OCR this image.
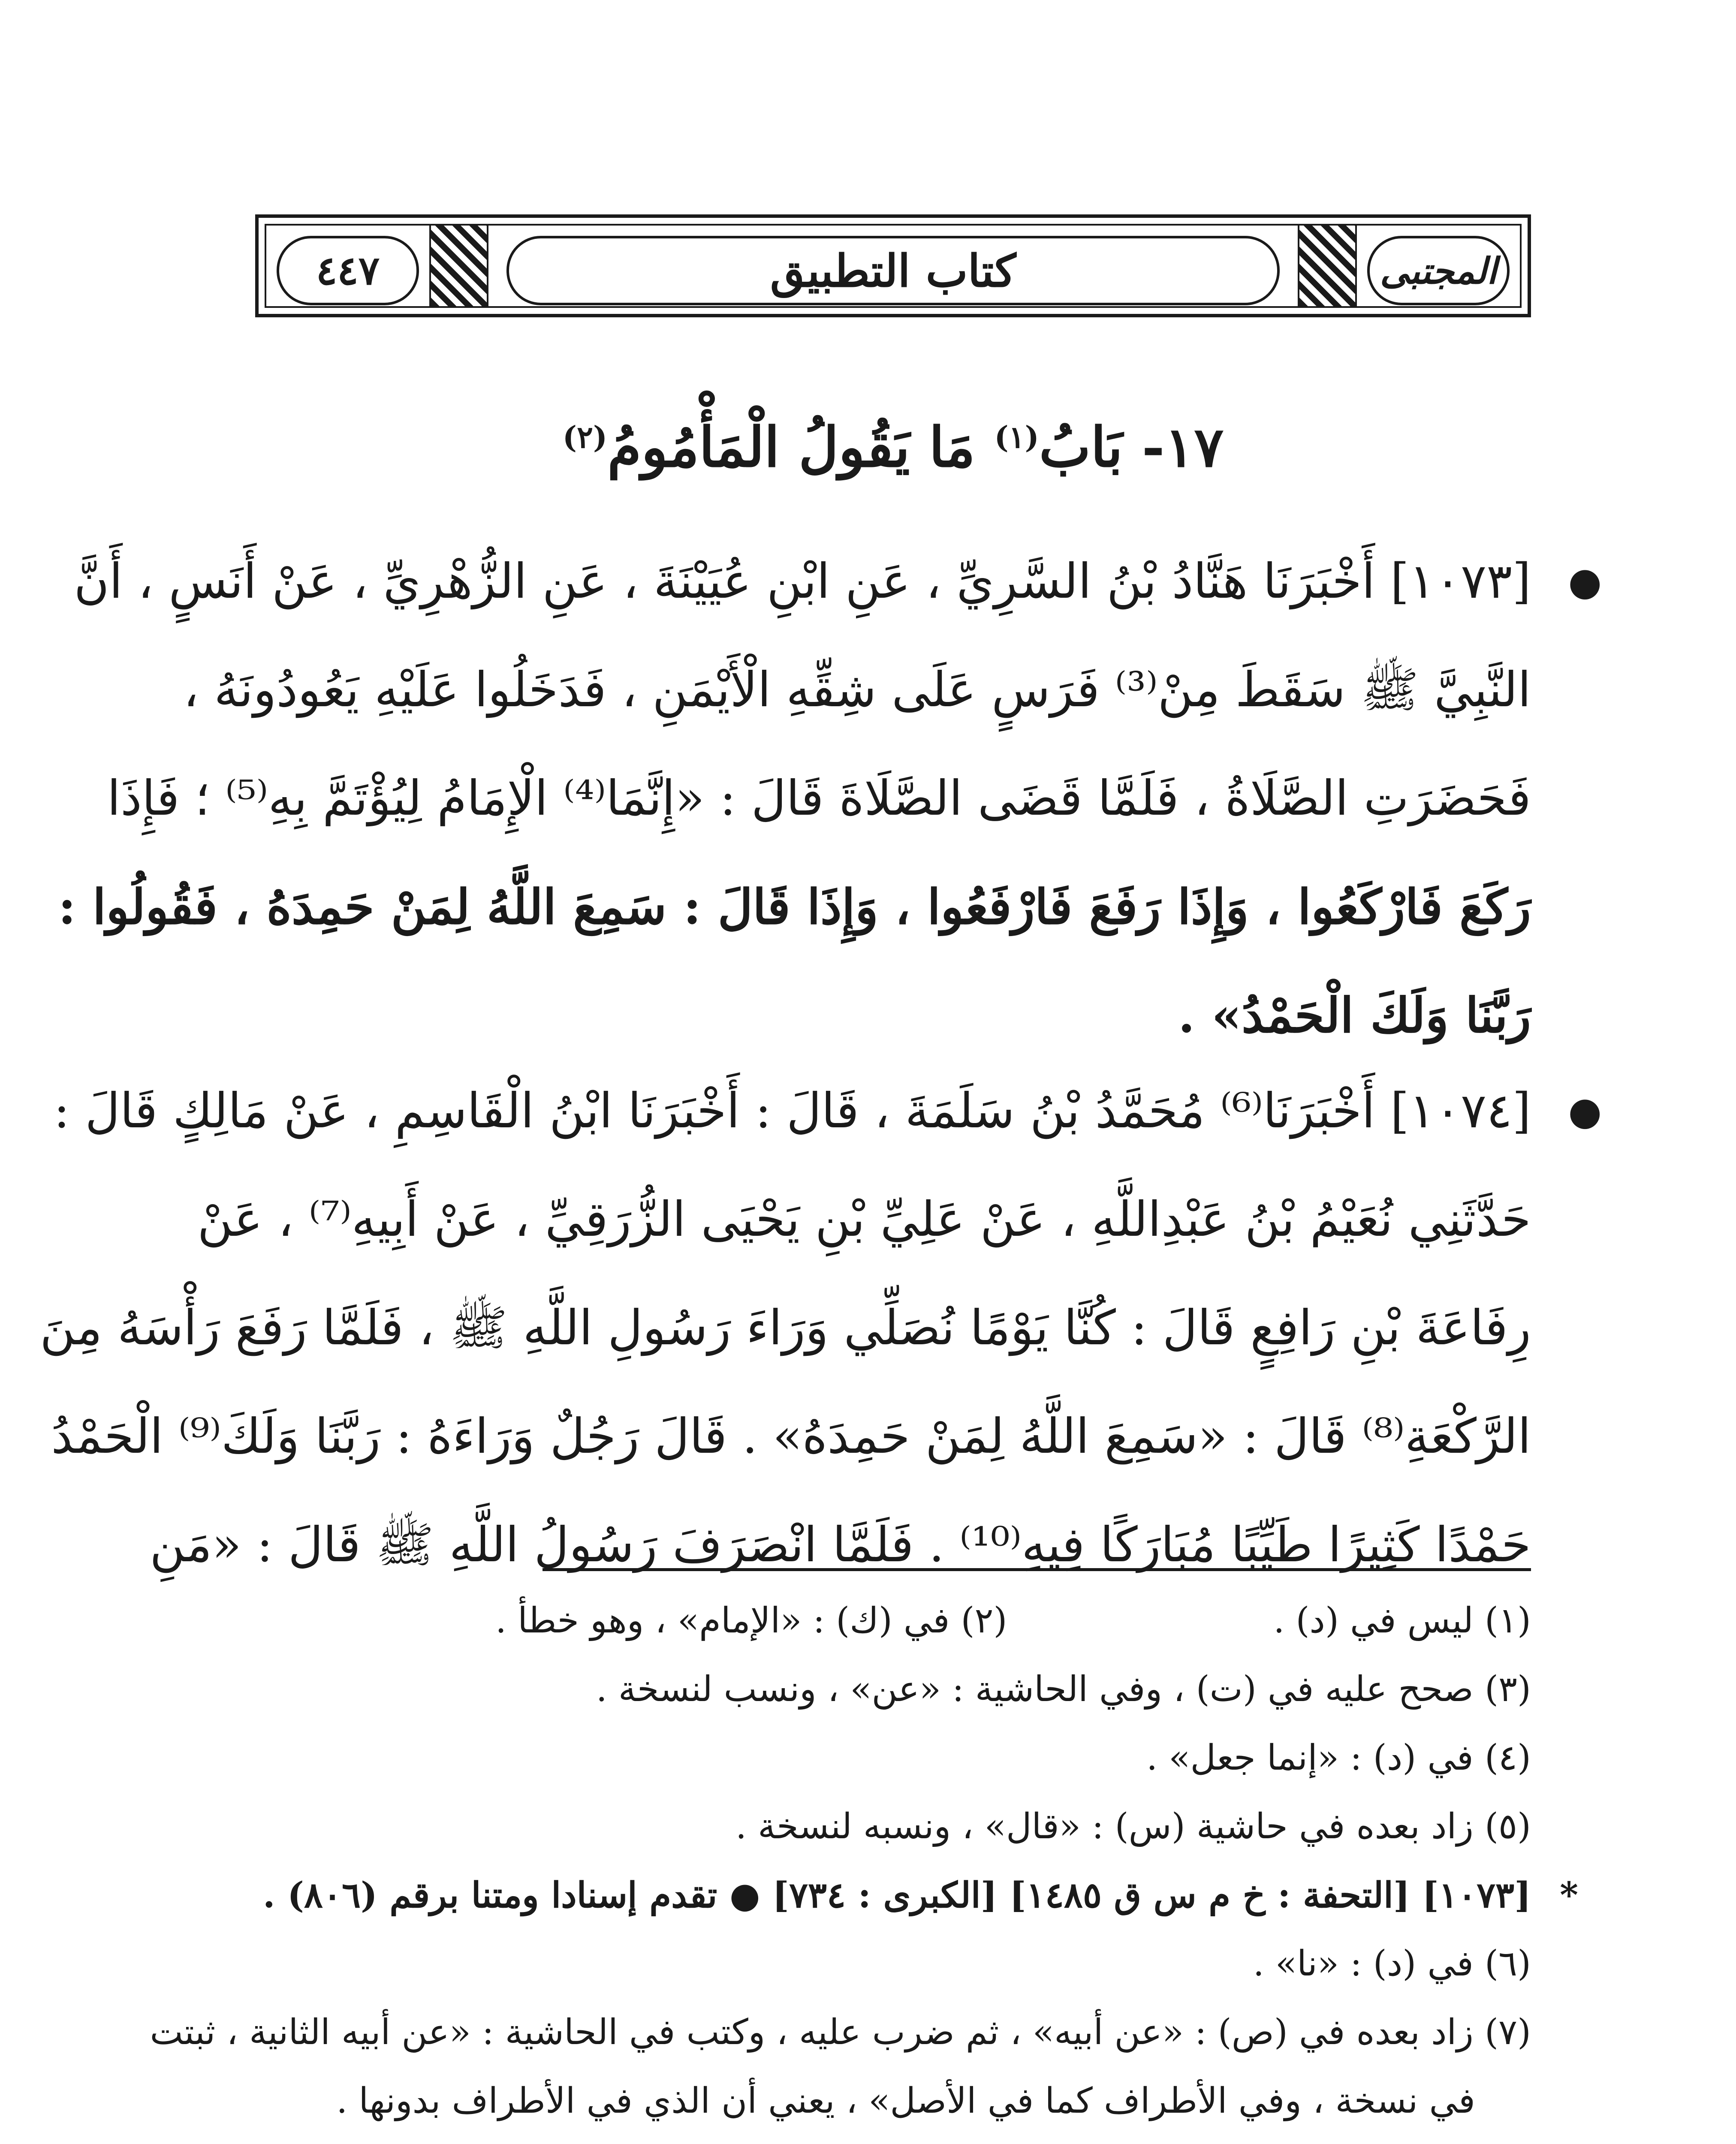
المجتبى
كتاب التطبيق
٤٤٧
١٧- بَابُ$^{(١)}$ مَا يَقُولُ الْمَأْمُومُ$^{(٢)}$
●
[١٠٧٣] أَخْبَرَنَا هَنَّادُ بْنُ السَّرِيِّ ، عَنِ ابْنِ عُيَيْنَةَ ، عَنِ الزُّهْرِيِّ ، عَنْ أَنَسٍ ، أَنَّ
النَّبِيَّ ﷺ سَقَطَ مِنْ⁽³⁾ فَرَسٍ عَلَى شِقِّهِ الْأَيْمَنِ ، فَدَخَلُوا عَلَيْهِ يَعُودُونَهُ ،
فَحَضَرَتِ الصَّلَاةُ ، فَلَمَّا قَضَى الصَّلَاةَ قَالَ : «إِنَّمَا⁽⁴⁾ الْإِمَامُ لِيُؤْتَمَّ بِهِ⁽⁵⁾ ؛ فَإِذَا
رَكَعَ فَارْكَعُوا ، وَإِذَا رَفَعَ فَارْفَعُوا ، وَإِذَا قَالَ : سَمِعَ اللَّهُ لِمَنْ حَمِدَهُ ، فَقُولُوا :
رَبَّنَا وَلَكَ الْحَمْدُ» .
●
[١٠٧٤] أَخْبَرَنَا⁽⁶⁾ مُحَمَّدُ بْنُ سَلَمَةَ ، قَالَ : أَخْبَرَنَا ابْنُ الْقَاسِمِ ، عَنْ مَالِكٍ قَالَ :
حَدَّثَنِي نُعَيْمُ بْنُ عَبْدِاللَّهِ ، عَنْ عَلِيِّ بْنِ يَحْيَى الزُّرَقِيِّ ، عَنْ أَبِيهِ⁽⁷⁾ ، عَنْ
رِفَاعَةَ بْنِ رَافِعٍ قَالَ : كُنَّا يَوْمًا نُصَلِّي وَرَاءَ رَسُولِ اللَّهِ ﷺ ، فَلَمَّا رَفَعَ رَأْسَهُ مِنَ
الرَّكْعَةِ⁽⁸⁾ قَالَ : «سَمِعَ اللَّهُ لِمَنْ حَمِدَهُ» . قَالَ رَجُلٌ وَرَاءَهُ : رَبَّنَا وَلَكَ⁽⁹⁾ الْحَمْدُ
حَمْدًا كَثِيرًا طَيِّبًا مُبَارَكًا فِيهِ⁽¹⁰⁾ . فَلَمَّا انْصَرَفَ رَسُولُ اللَّهِ ﷺ قَالَ : «مَنِ
(١) ليس في (د) .
(٢) في (ك) : «الإمام» ، وهو خطأ .
(٣) صحح عليه في (ت) ، وفي الحاشية : «عن» ، ونسب لنسخة .
(٤) في (د) : «إنما جعل» .
(٥) زاد بعده في حاشية (س) : «قال» ، ونسبه لنسخة .
*
[١٠٧٣] [التحفة : خ م س ق ١٤٨٥] [الكبرى : ٧٣٤] ● تقدم إسنادا ومتنا برقم (٨٠٦) .
(٦) في (د) : «نا» .
(٧) زاد بعده في (ص) : «عن أبيه» ، ثم ضرب عليه ، وكتب في الحاشية : «عن أبيه الثانية ، ثبتت
في نسخة ، وفي الأطراف كما في الأصل» ، يعني أن الذي في الأطراف بدونها .
